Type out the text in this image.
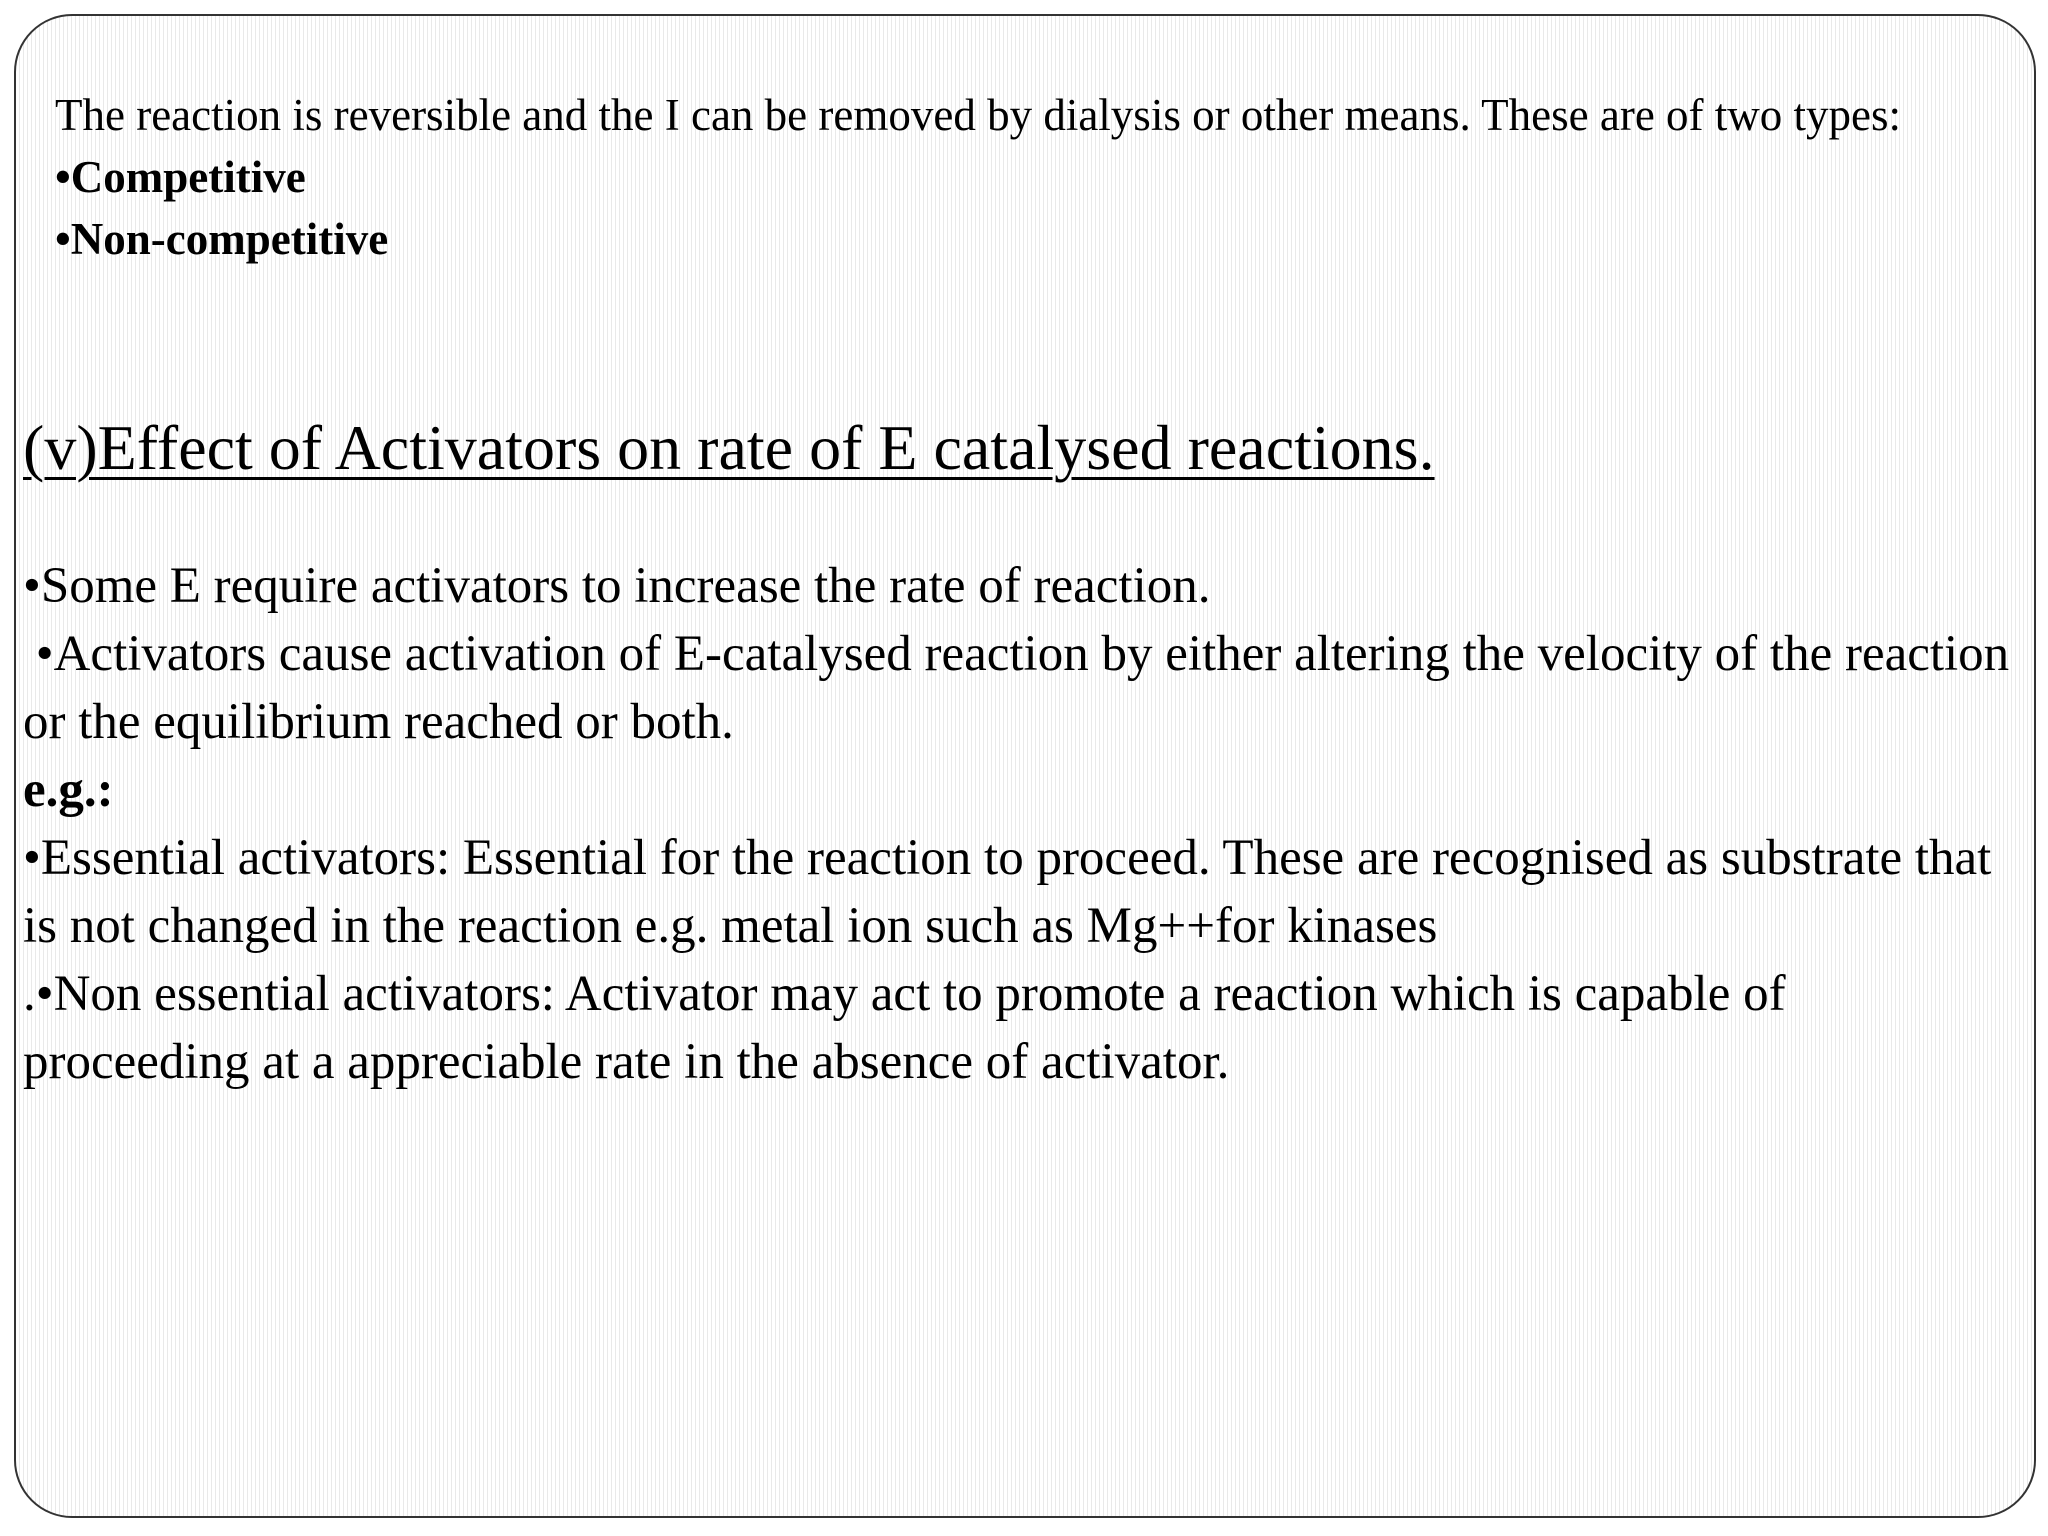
The reaction is reversible and the I can be removed by dialysis or other means. These are of two types:

•Competitive
•Non-competitive
(v)Effect of Activators on rate of E catalysed reactions.

•Some E require activators to increase the rate of reaction.

•Activators cause activation of E-catalysed reaction by either altering the velocity of the reaction or the equilibrium reached or both.

e.g.:

•Essential activators: Essential for the reaction to proceed. These are recognised as substrate that is not changed in the reaction e.g. metal ion such as Mg++for kinases

.•Non essential activators: Activator may act to promote a reaction which is capable of proceeding at a appreciable rate in the absence of activator.
